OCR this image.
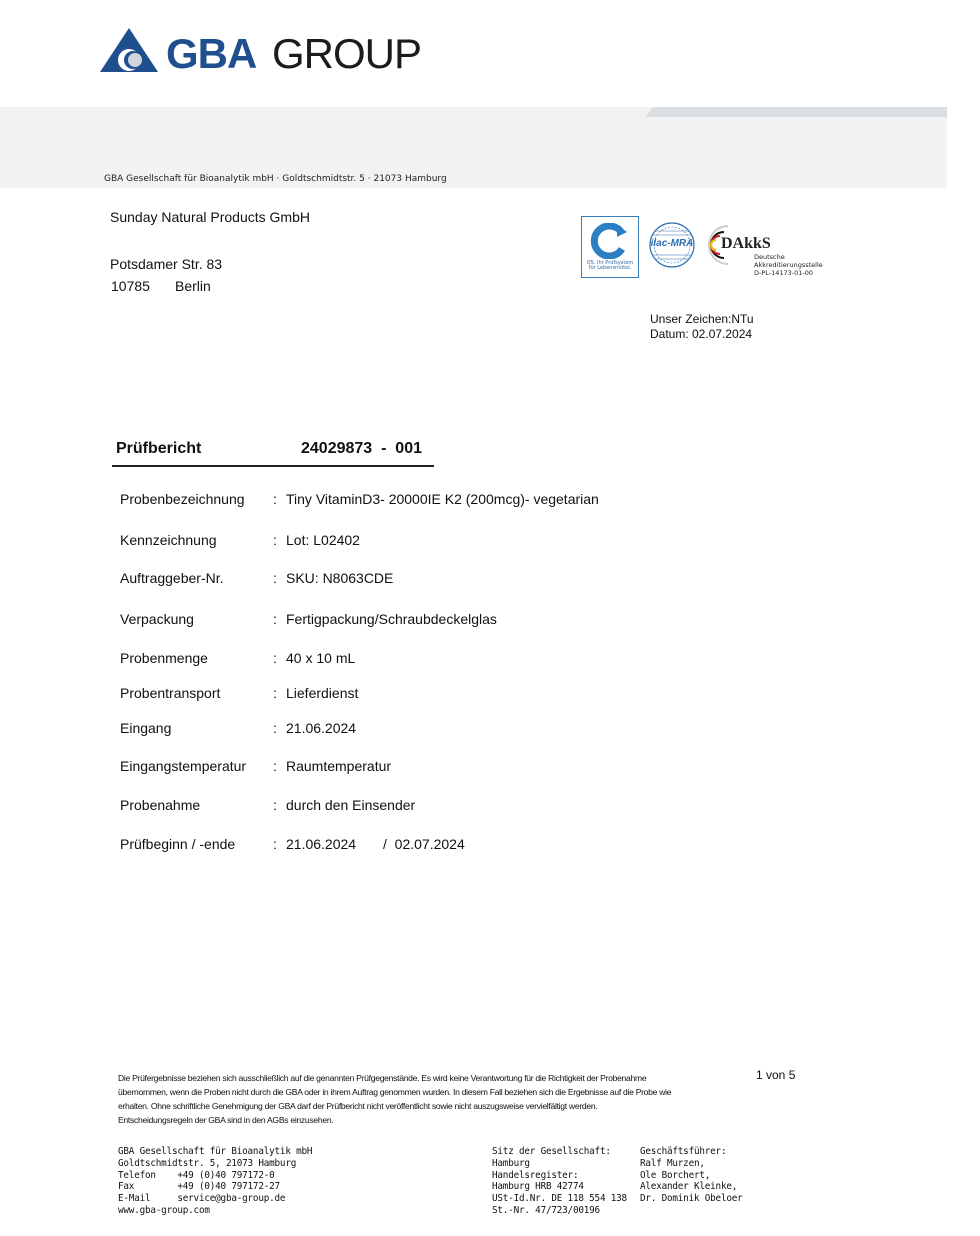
GBA GROUP
GBA Gesellschaft für Bioanalytik mbH · Goldtschmidtstr. 5 · 21073 Hamburg
Sunday Natural Products GmbH
Potsdamer Str. 83
10785 Berlin
QS. Ihr Prüfsystem für Lebensmittel.
ilac-MRA DAkkS
Deutsche
Akkreditierungsstelle
D-PL-14173-01-00
Unser Zeichen:NTu
Datum: 02.07.2024
Prüfbericht	24029873  -  001
Probenbezeichnung : Tiny VitaminD3- 20000IE K2 (200mcg)- vegetarian
Kennzeichnung	: Lot: L02402
Auftraggeber-Nr.	: SKU: N8063CDE
Verpackung	: Fertigpackung/Schraubdeckelglas
Probenmenge	: 40 x 10 mL
Probentransport	: Lieferdienst
Eingang	: 21.06.2024
Eingangstemperatur : Raumtemperatur
Probenahme	: durch den Einsender
Prüfbeginn / -ende	: 21.06.2024 /  02.07.2024
Die Prüfergebnisse beziehen sich ausschließlich auf die genannten Prüfgegenstände. Es wird keine Verantwortung für die Richtigkeit der Probenahme
übernommen, wenn die Proben nicht durch die GBA oder in ihrem Auftrag genommen wurden. In diesem Fall beziehen sich die Ergebnisse auf die Probe wie
erhalten. Ohne schriftliche Genehmigung der GBA darf der Prüfbericht nicht veröffentlicht sowie nicht auszugsweise vervielfältigt werden.
Entscheidungsregeln der GBA sind in den AGBs einzusehen.
1 von 5
GBA Gesellschaft für Bioanalytik mbH
Goldtschmidtstr. 5, 21073 Hamburg
Telefon    +49 (0)40 797172-0
Fax        +49 (0)40 797172-27
E-Mail     service@gba-group.de
www.gba-group.com
Sitz der Gesellschaft:
Hamburg
Handelsregister:
Hamburg HRB 42774
USt-Id.Nr. DE 118 554 138
St.-Nr. 47/723/00196
Geschäftsführer:
Ralf Murzen,
Ole Borchert,
Alexander Kleinke,
Dr. Dominik Obeloer
